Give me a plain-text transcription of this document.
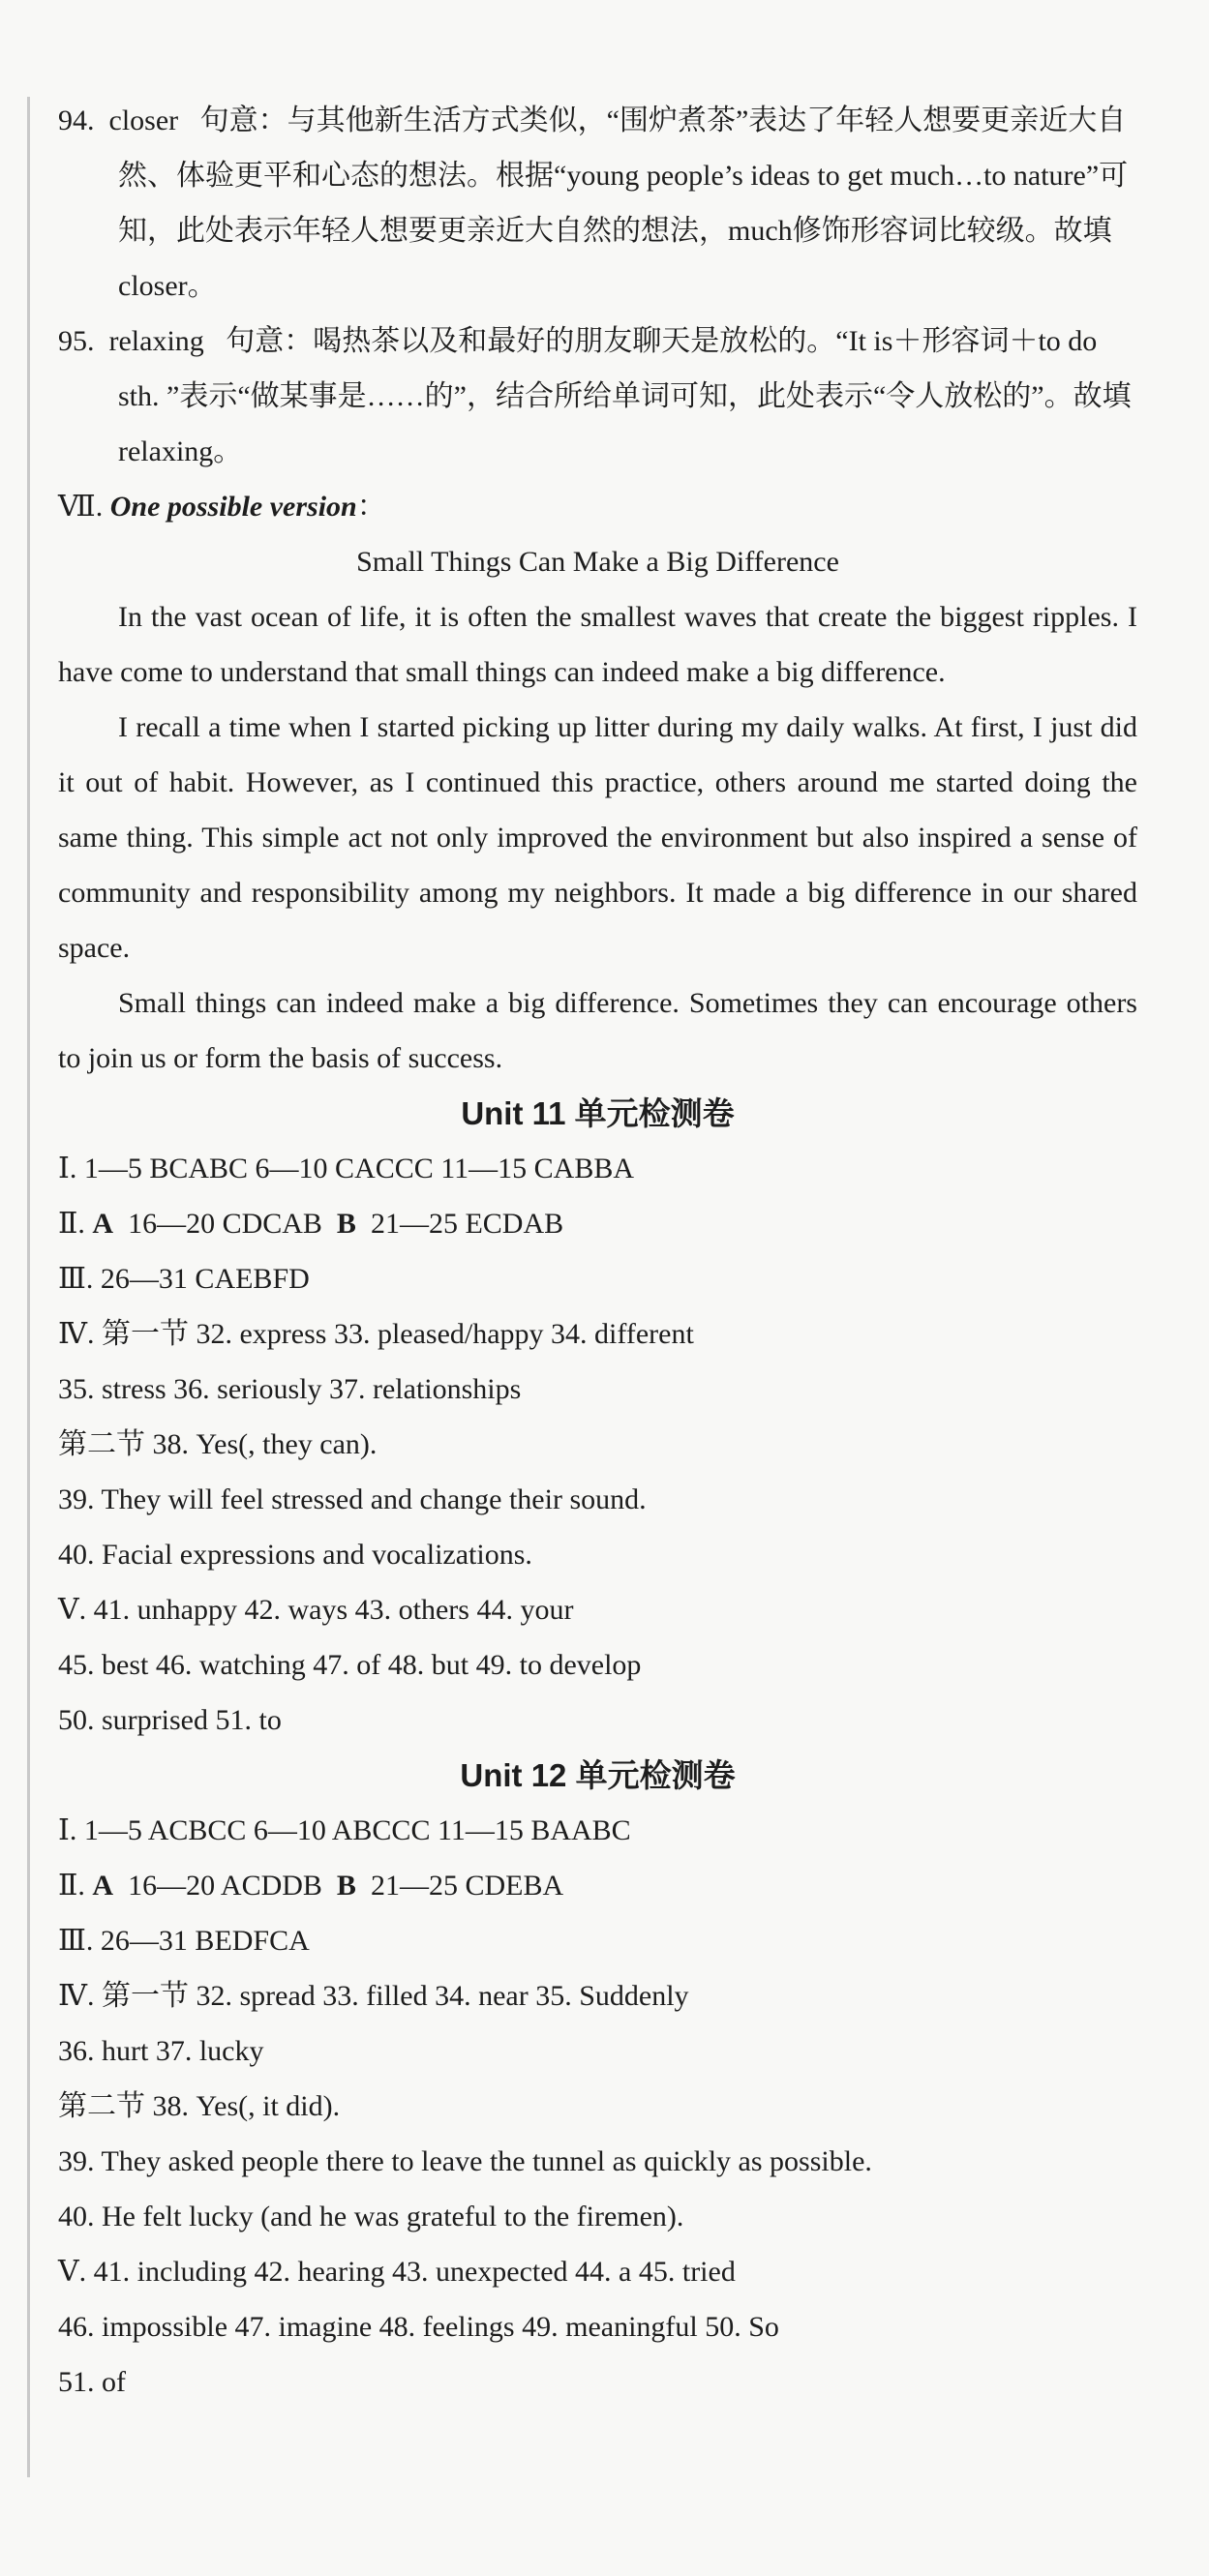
94. closer 句意：与其他新生活方式类似，“围炉煮茶”表达了年轻人想要更亲近大自然、体验更平和心态的想法。根据“young people’s ideas to get much…to nature”可知，此处表示年轻人想要更亲近大自然的想法，much修饰形容词比较级。故填 closer。

95. relaxing 句意：喝热茶以及和最好的朋友聊天是放松的。“It is＋形容词＋to do sth. ”表示“做某事是……的”，结合所给单词可知，此处表示“令人放松的”。故填 relaxing。

Ⅶ. One possible version：

Small Things Can Make a Big Difference

In the vast ocean of life, it is often the smallest waves that create the biggest ripples. I have come to understand that small things can indeed make a big difference.

I recall a time when I started picking up litter during my daily walks. At first, I just did it out of habit. However, as I continued this practice, others around me started doing the same thing. This simple act not only improved the environment but also inspired a sense of community and responsibility among my neighbors. It made a big difference in our shared space.

Small things can indeed make a big difference. Sometimes they can encourage others to join us or form the basis of success.

Unit 11 单元检测卷

Ⅰ. 1—5 BCABC 6—10 CACCC 11—15 CABBA

Ⅱ. A 16—20 CDCAB B 21—25 ECDAB

Ⅲ. 26—31 CAEBFD

Ⅳ. 第一节 32. express 33. pleased/happy 34. different

35. stress 36. seriously 37. relationships

第二节 38. Yes(, they can).

39. They will feel stressed and change their sound.

40. Facial expressions and vocalizations.

Ⅴ. 41. unhappy 42. ways 43. others 44. your

45. best 46. watching 47. of 48. but 49. to develop

50. surprised 51. to

Unit 12 单元检测卷

Ⅰ. 1—5 ACBCC 6—10 ABCCC 11—15 BAABC

Ⅱ. A 16—20 ACDDB B 21—25 CDEBA

Ⅲ. 26—31 BEDFCA

Ⅳ. 第一节 32. spread 33. filled 34. near 35. Suddenly

36. hurt 37. lucky

第二节 38. Yes(, it did).

39. They asked people there to leave the tunnel as quickly as possible.

40. He felt lucky (and he was grateful to the firemen).

Ⅴ. 41. including 42. hearing 43. unexpected 44. a 45. tried

46. impossible 47. imagine 48. feelings 49. meaningful 50. So

51. of
